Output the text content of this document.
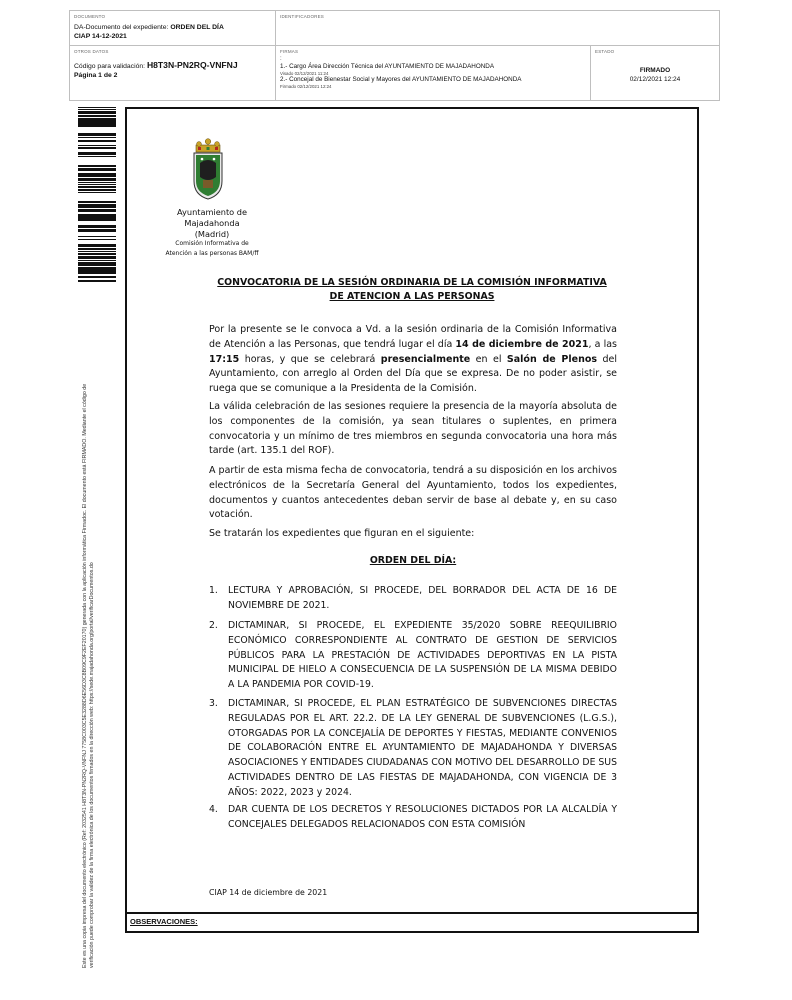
DOCUMENTO
DA-Documento del expediente: ORDEN DEL DÍA
CIAP 14-12-2021
IDENTIFICADORES
OTROS DATOS
Código para validación: H8T3N-PN2RQ-VNFNJ
Página 1 de 2
FIRMAS
:
1.- Cargo Área Dirección Técnica del AYUNTAMIENTO DE MAJADAHONDA
Visado 02/12/2021 11:24
2.- Concejal de Bienestar Social y Mayores del AYUNTAMIENTO DE MAJADAHONDA
Firmado 02/12/2021 12:24
ESTADO
FIRMADO
02/12/2021 12:24
Este es una copia impresa del documento electrónico (Ref: 2032541 H8T3N-PN2RQ-VNFNJ 7758C003C5E3288D6E56D3C8B09C9F2EF20170) generada con la aplicación informática Firmadoc. El documento está FIRMADO. Mediante el código de verificación puede comprobar la validez de la firma electrónica de los documentos firmados en la dirección web: https://sede.majadahonda.org/portal/verificarDocumentos.do
Ayuntamiento de
Majadahonda
(Madrid)
Comisión Informativa de
Atención a las personas BAM/ff
CONVOCATORIA DE LA SESIÓN ORDINARIA DE LA COMISIÓN INFORMATIVA DE ATENCION A LAS PERSONAS

Por la presente se le convoca a Vd. a la sesión ordinaria de la Comisión Informativa de Atención a las Personas, que tendrá lugar el día 14 de diciembre de 2021, a las 17:15 horas, y que se celebrará presencialmente en el Salón de Plenos del Ayuntamiento, con arreglo al Orden del Día que se expresa. De no poder asistir, se ruega que se comunique a la Presidenta de la Comisión.

La válida celebración de las sesiones requiere la presencia de la mayoría absoluta de los componentes de la comisión, ya sean titulares o suplentes, en primera convocatoria y un mínimo de tres miembros en segunda convocatoria una hora más tarde (art. 135.1 del ROF).

A partir de esta misma fecha de convocatoria, tendrá a su disposición en los archivos electrónicos de la Secretaría General del Ayuntamiento, todos los expedientes, documentos y cuantos antecedentes deban servir de base al debate y, en su caso votación.

Se tratarán los expedientes que figuran en el siguiente:

ORDEN DEL DÍA:
1. LECTURA Y APROBACIÓN, SI PROCEDE, DEL BORRADOR DEL ACTA DE 16 DE NOVIEMBRE DE 2021.
2. DICTAMINAR, SI PROCEDE, EL EXPEDIENTE 35/2020 SOBRE REEQUILIBRIO ECONÓMICO CORRESPONDIENTE AL CONTRATO DE GESTION DE SERVICIOS PÚBLICOS PARA LA PRESTACIÓN DE ACTIVIDADES DEPORTIVAS EN LA PISTA MUNICIPAL DE HIELO A CONSECUENCIA DE LA SUSPENSIÓN DE LA MISMA DEBIDO A LA PANDEMIA POR COVID-19.
3. DICTAMINAR, SI PROCEDE, EL PLAN ESTRATÉGICO DE SUBVENCIONES DIRECTAS REGULADAS POR EL ART. 22.2. DE LA LEY GENERAL DE SUBVENCIONES (L.G.S.), OTORGADAS POR LA CONCEJALÍA DE DEPORTES Y FIESTAS, MEDIANTE CONVENIOS DE COLABORACIÓN ENTRE EL AYUNTAMIENTO DE MAJADAHONDA Y DIVERSAS ASOCIACIONES Y ENTIDADES CIUDADANAS CON MOTIVO DEL DESARROLLO DE SUS ACTIVIDADES DENTRO DE LAS FIESTAS DE MAJADAHONDA, CON VIGENCIA DE 3 AÑOS: 2022, 2023 y 2024.
4. DAR CUENTA DE LOS DECRETOS Y RESOLUCIONES DICTADOS POR LA ALCALDÍA Y CONCEJALES DELEGADOS RELACIONADOS CON ESTA COMISIÓN
CIAP 14 de diciembre de 2021
OBSERVACIONES:
